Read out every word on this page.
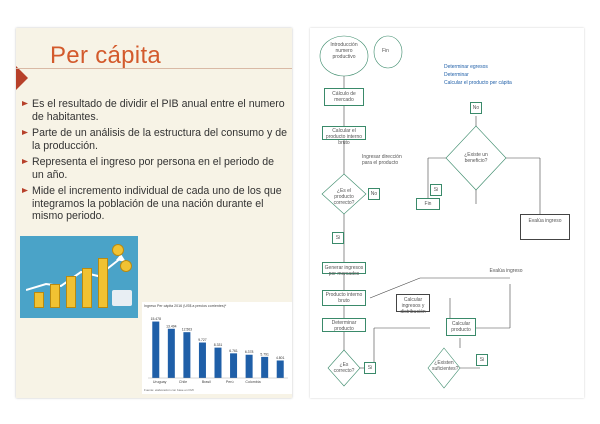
Per cápita
Es el resultado de dividir el PIB anual entre el numero de habitantes.
Parte de un análisis de la estructura del consumo y de la producción.
Representa el ingreso por persona en el periodo de un año.
Mide el incremento individual de cada uno de los que integramos la población de una nación durante el mismo periodo.
Ingreso Per cápita 2016 (US$ a precios corrientes)*
15.478
13.494
12.563
9.727
8.331
6.761 6.378
5.791
4.801
Uruguay	Chile	Brasil	Perú	Colombia
Fuente: elaboración con base en FMI
Introducción numero productivo
Fin
Determinar egresos
Determinar
Calcular el producto per cápita
Cálculo de mercado
Calcular el producto interno bruto
Ingresar dirección para el producto
Fin
Generar ingresos por mercados
Producto interno bruto
Determinar producto
Calcular ingresos y distribución
Calcular producto
Evalúa ingreso
¿Es el producto correcto?
¿Existe un beneficio?
¿Es correcto?
¿Existen suficientes?
No
Si
No
Si
Si
Si
Evalúa ingreso
